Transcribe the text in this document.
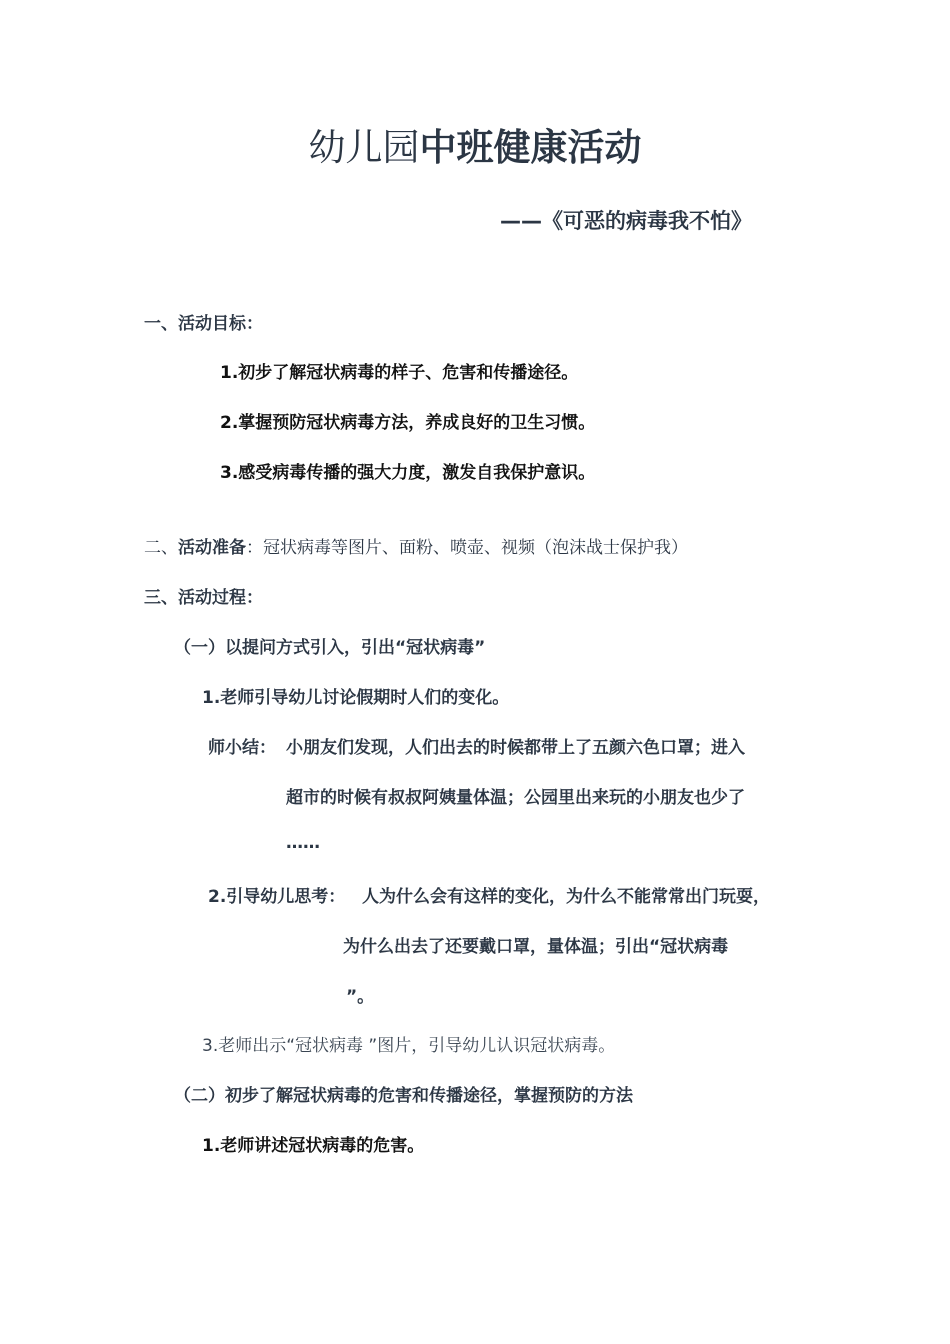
幼儿园中班健康活动
——《可恶的病毒我不怕》
一、活动目标：
1.初步了解冠状病毒的样子、危害和传播途径。
2.掌握预防冠状病毒方法，养成良好的卫生习惯。
3.感受病毒传播的强大力度，激发自我保护意识。
二、活动准备：冠状病毒等图片、面粉、喷壶、视频（泡沫战士保护我）
三、活动过程：
（一）以提问方式引入，引出“冠状病毒”
1.老师引导幼儿讨论假期时人们的变化。
师小结： 小朋友们发现，人们出去的时候都带上了五颜六色口罩；进入
超市的时候有叔叔阿姨量体温；公园里出来玩的小朋友也少了
……
2.引导幼儿思考： 人为什么会有这样的变化，为什么不能常常出门玩耍，
为什么出去了还要戴口罩，量体温；引出“冠状病毒
”。
3.老师出示“冠状病毒 ”图片，引导幼儿认识冠状病毒。
（二）初步了解冠状病毒的危害和传播途径，掌握预防的方法
1.老师讲述冠状病毒的危害。
